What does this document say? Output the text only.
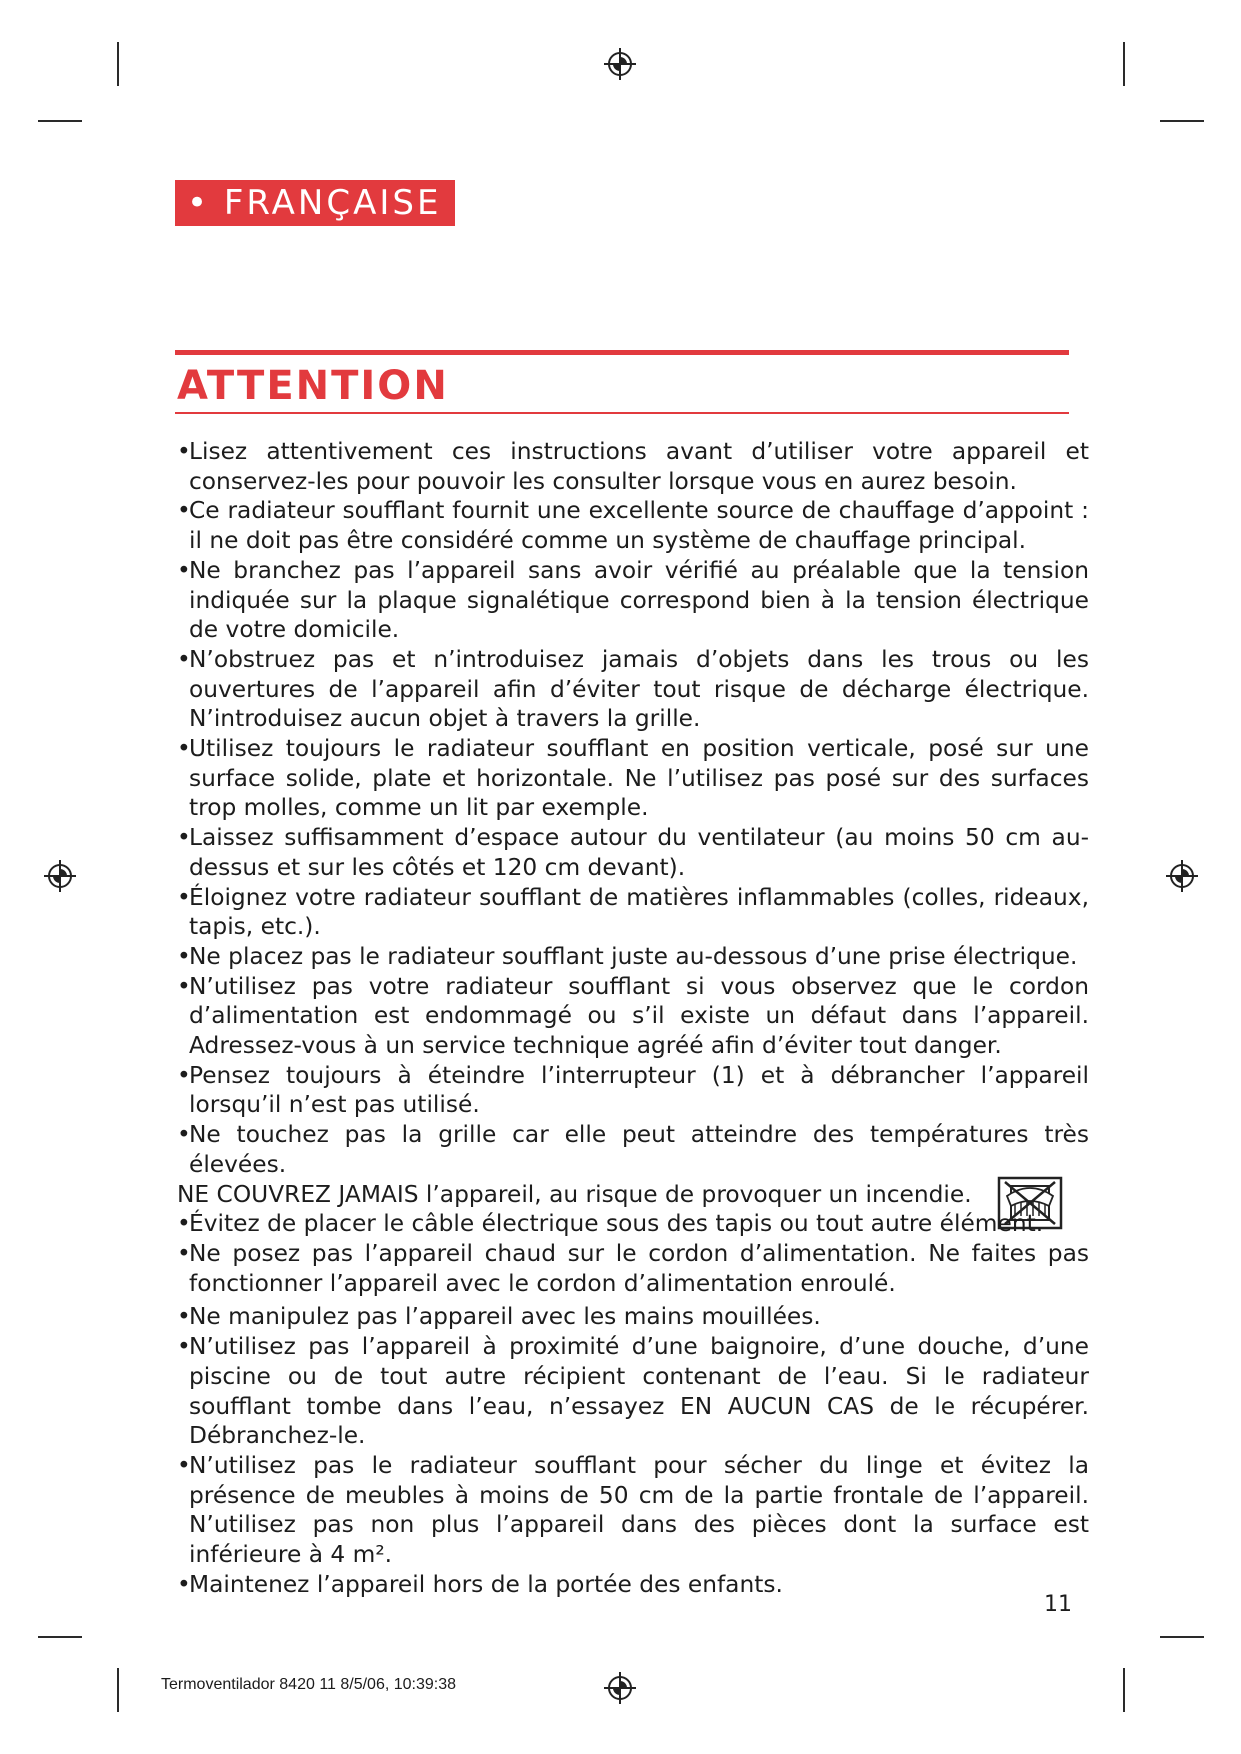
• FRANÇAISE
ATTENTION
•
Lisez attentivement ces instructions avant d’utiliser votre appareil et conservez-les pour pouvoir les consulter lorsque vous en aurez besoin.
•
Ce radiateur soufflant fournit une excellente source de chauffage d’appoint : il ne doit pas être considéré comme un système de chauffage principal.
•
Ne branchez pas l’appareil sans avoir vérifié au préalable que la tension indiquée sur la plaque signalétique correspond bien à la tension électrique de votre domicile.
•
N’obstruez pas et n’introduisez jamais d’objets dans les trous ou les ouvertures de l’appareil afin d’éviter tout risque de décharge électrique. N’introduisez aucun objet à travers la grille.
•
Utilisez toujours le radiateur soufflant en position verticale, posé sur une surface solide, plate et horizontale. Ne l’utilisez pas posé sur des surfaces trop molles, comme un lit par exemple.
•
Laissez suffisamment d’espace autour du ventilateur (au moins 50 cm au-dessus et sur les côtés et 120 cm devant).
•
Éloignez votre radiateur soufflant de matières inflammables (colles, rideaux, tapis, etc.).
•
Ne placez pas le radiateur soufflant juste au-dessous d’une prise électrique.
•
N’utilisez pas votre radiateur soufflant si vous observez que le cordon d’alimentation est endommagé ou s’il existe un défaut dans l’appareil. Adressez-vous à un service technique agréé afin d’éviter tout danger.
•
Pensez toujours à éteindre l’interrupteur (1) et à débrancher l’appareil lorsqu’il n’est pas utilisé.
•
Ne touchez pas la grille car elle peut atteindre des températures très élevées.
NE COUVREZ JAMAIS l’appareil, au risque de provoquer un incendie.
•
Évitez de placer le câble électrique sous des tapis ou tout autre élément.
•
Ne posez pas l’appareil chaud sur le cordon d’alimentation. Ne faites pas fonctionner l’appareil avec le cordon d’alimentation enroulé.
•
Ne manipulez pas l’appareil avec les mains mouillées.
•
N’utilisez pas l’appareil à proximité d’une baignoire, d’une douche, d’une piscine ou de tout autre récipient contenant de l’eau. Si le radiateur soufflant tombe dans l’eau, n’essayez EN AUCUN CAS de le récupérer. Débranchez-le.
•
N’utilisez pas le radiateur soufflant pour sécher du linge et évitez la présence de meubles à moins de 50 cm de la partie frontale de l’appareil. N’utilisez pas non plus l’appareil dans des pièces dont la surface est inférieure à 4 m².
•
Maintenez l’appareil hors de la portée des enfants.
11
Termoventilador 8420 11 8/5/06, 10:39:38
